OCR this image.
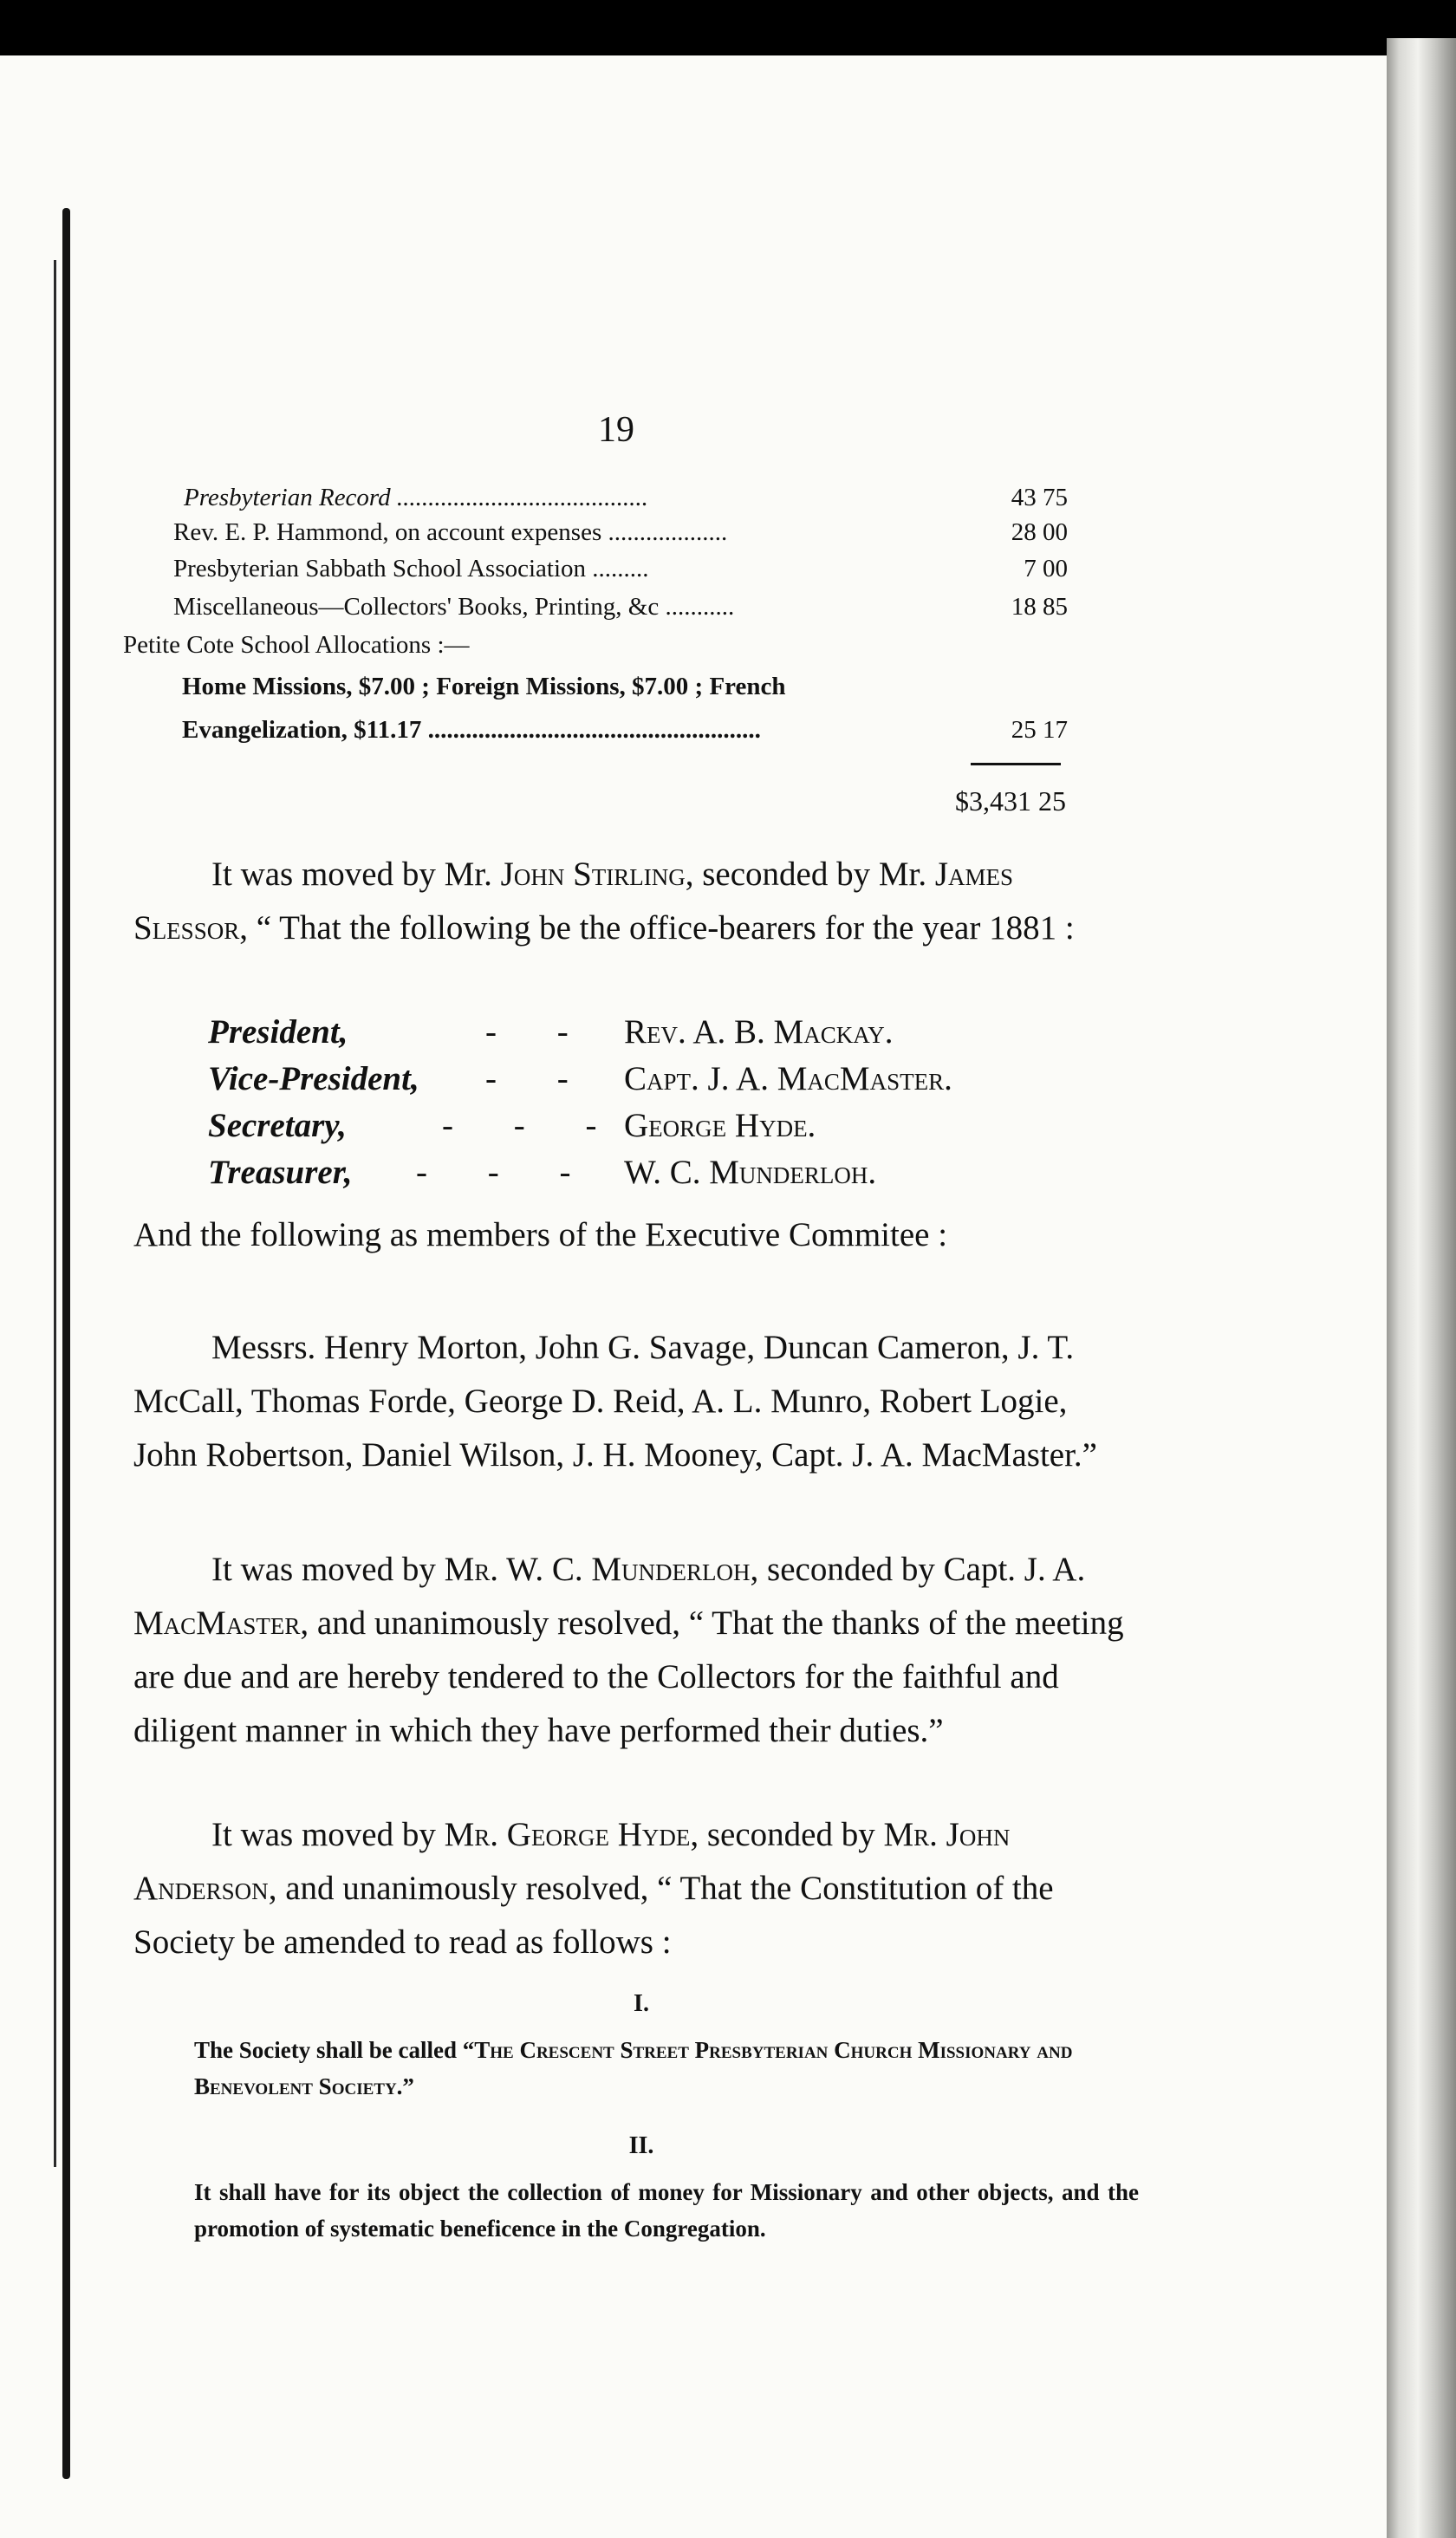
19
Presbyterian Record ........................................	43 75
Rev. E. P. Hammond, on account expenses ...................	28 00
Presbyterian Sabbath School Association .........	7 00
Miscellaneous—Collectors' Books, Printing, &c ...........	18 85
Petite Cote School Allocations :—
Home Missions, $7.00 ; Foreign Missions, $7.00 ; French
Evangelization, $11.17 .....................................................	25 17
$3,431 25
It was moved by Mr. John Stirling, seconded by Mr. James Slessor, “ That the following be the office-bearers for the year 1881 :
President,	- - Rev. A. B. Mackay.
Vice-President, - - Capt. J. A. MacMaster.
Secretary,	- - - George Hyde.
Treasurer, - - - W. C. Munderloh.
And the following as members of the Executive Commitee :
Messrs. Henry Morton, John G. Savage, Duncan Cameron, J. T. McCall, Thomas Forde, George D. Reid, A. L. Munro, Robert Logie, John Robertson, Daniel Wilson, J. H. Mooney, Capt. J. A. MacMaster.”
It was moved by Mr. W. C. Munderloh, seconded by Capt. J. A. MacMaster, and unanimously resolved, “ That the thanks of the meeting are due and are hereby tendered to the Collectors for the faithful and diligent manner in which they have performed their duties.”
It was moved by Mr. George Hyde, seconded by Mr. John Anderson, and unanimously resolved, “ That the Constitution of the Society be amended to read as follows :
I.
The Society shall be called “The Crescent Street Presbyterian Church Missionary and Benevolent Society.”
II.
It shall have for its object the collection of money for Missionary and other objects, and the promotion of systematic beneficence in the Congregation.
